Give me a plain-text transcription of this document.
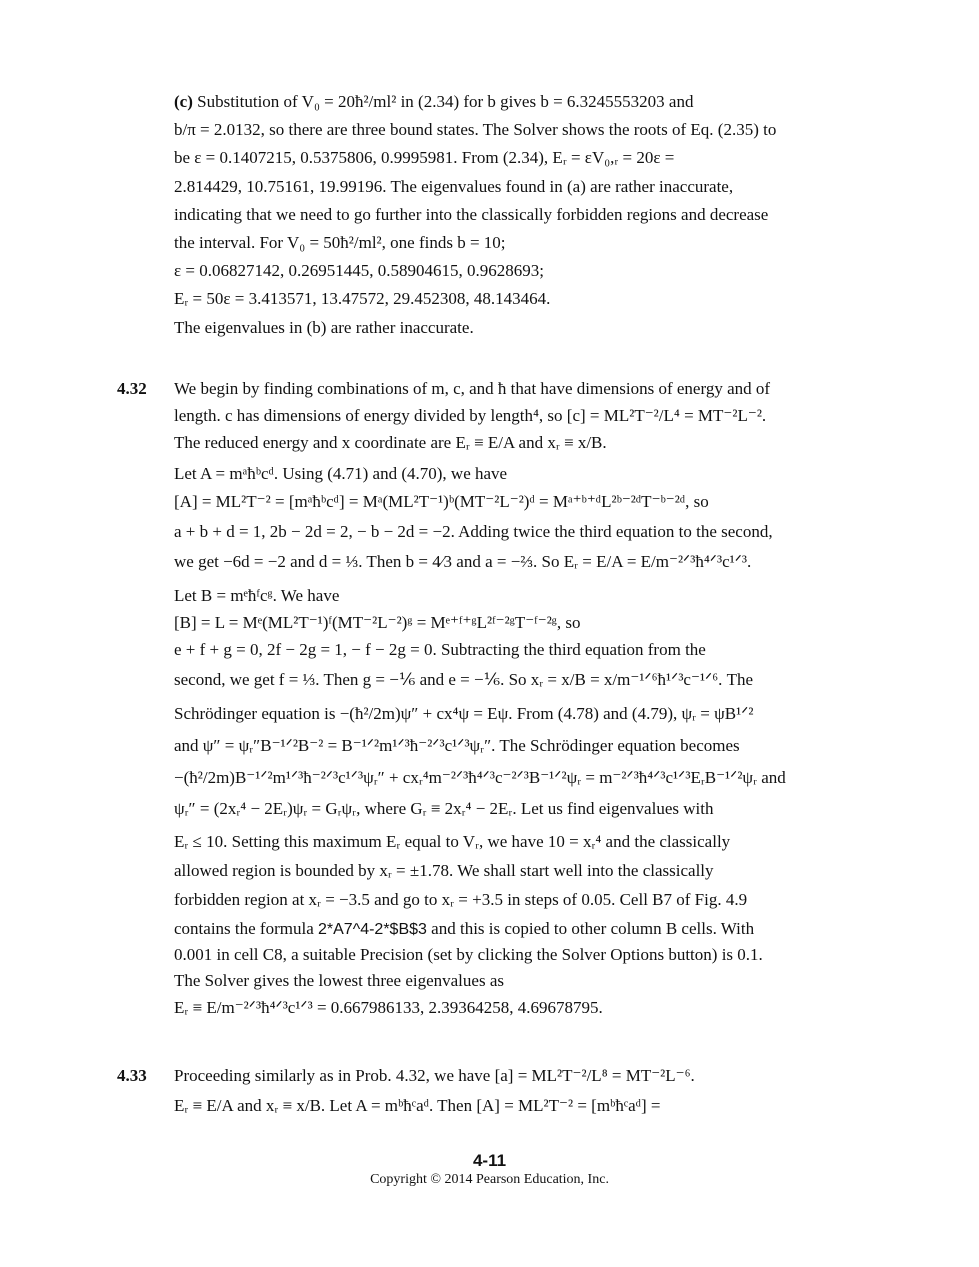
(c) Substitution of V₀ = 20ħ²/ml² in (2.34) for b gives b = 6.3245553203 and
b/π = 2.0132, so there are three bound states. The Solver shows the roots of Eq. (2.35) to
be ε = 0.1407215, 0.5375806, 0.9995981. From (2.34), Eᵣ = εV₀,ᵣ = 20ε =
2.814429, 10.75161, 19.99196. The eigenvalues found in (a) are rather inaccurate,
indicating that we need to go further into the classically forbidden regions and decrease
the interval. For V₀ = 50ħ²/ml², one finds b = 10;
ε = 0.06827142, 0.26951445, 0.58904615, 0.9628693;
Eᵣ = 50ε = 3.413571, 13.47572, 29.452308, 48.143464.
The eigenvalues in (b) are rather inaccurate.
4.32 We begin by finding combinations of m, c, and ħ that have dimensions of energy and of
length. c has dimensions of energy divided by length⁴, so [c] = ML²T⁻²/L⁴ = MT⁻²L⁻².
The reduced energy and x coordinate are Eᵣ ≡ E/A and xᵣ ≡ x/B.
Let A = mᵃħᵇcᵈ. Using (4.71) and (4.70), we have
[A] = ML²T⁻² = [mᵃħᵇcᵈ] = Mᵃ(ML²T⁻¹)ᵇ(MT⁻²L⁻²)ᵈ = Mᵃ⁺ᵇ⁺ᵈL²ᵇ⁻²ᵈT⁻ᵇ⁻²ᵈ, so
a + b + d = 1, 2b − 2d = 2, − b − 2d = −2. Adding twice the third equation to the second,
we get −6d = −2 and d = ⅓. Then b = 4⁄3 and a = −⅔. So Eᵣ = E/A = E/m⁻²ᐟ³ħ⁴ᐟ³c¹ᐟ³.
Let B = mᵉħᶠcᵍ. We have
[B] = L = Mᵉ(ML²T⁻¹)ᶠ(MT⁻²L⁻²)ᵍ = Mᵉ⁺ᶠ⁺ᵍL²ᶠ⁻²ᵍT⁻ᶠ⁻²ᵍ, so
e + f + g = 0, 2f − 2g = 1, − f − 2g = 0. Subtracting the third equation from the
second, we get f = ⅓. Then g = −⅙ and e = −⅙. So xᵣ = x/B = x/m⁻¹ᐟ⁶ħ¹ᐟ³c⁻¹ᐟ⁶. The
Schrödinger equation is −(ħ²/2m)ψ″ + cx⁴ψ = Eψ. From (4.78) and (4.79), ψᵣ = ψB¹ᐟ²
and ψ″ = ψᵣ″B⁻¹ᐟ²B⁻² = B⁻¹ᐟ²m¹ᐟ³ħ⁻²ᐟ³c¹ᐟ³ψᵣ″. The Schrödinger equation becomes
−(ħ²/2m)B⁻¹ᐟ²m¹ᐟ³ħ⁻²ᐟ³c¹ᐟ³ψᵣ″ + cxᵣ⁴m⁻²ᐟ³ħ⁴ᐟ³c⁻²ᐟ³B⁻¹ᐟ²ψᵣ = m⁻²ᐟ³ħ⁴ᐟ³c¹ᐟ³EᵣB⁻¹ᐟ²ψᵣ and
ψᵣ″ = (2xᵣ⁴ − 2Eᵣ)ψᵣ = Gᵣψᵣ, where Gᵣ ≡ 2xᵣ⁴ − 2Eᵣ. Let us find eigenvalues with
Eᵣ ≤ 10. Setting this maximum Eᵣ equal to Vᵣ, we have 10 = xᵣ⁴ and the classically
allowed region is bounded by xᵣ = ±1.78. We shall start well into the classically
forbidden region at xᵣ = −3.5 and go to xᵣ = +3.5 in steps of 0.05. Cell B7 of Fig. 4.9
contains the formula 2*A7^4-2*$B$3 and this is copied to other column B cells. With
0.001 in cell C8, a suitable Precision (set by clicking the Solver Options button) is 0.1.
The Solver gives the lowest three eigenvalues as
Eᵣ ≡ E/m⁻²ᐟ³ħ⁴ᐟ³c¹ᐟ³ = 0.667986133, 2.39364258, 4.69678795.
4.33 Proceeding similarly as in Prob. 4.32, we have [a] = ML²T⁻²/L⁸ = MT⁻²L⁻⁶.
Eᵣ ≡ E/A and xᵣ ≡ x/B. Let A = mᵇħᶜaᵈ. Then [A] = ML²T⁻² = [mᵇħᶜaᵈ] =
4-11
Copyright © 2014 Pearson Education, Inc.
